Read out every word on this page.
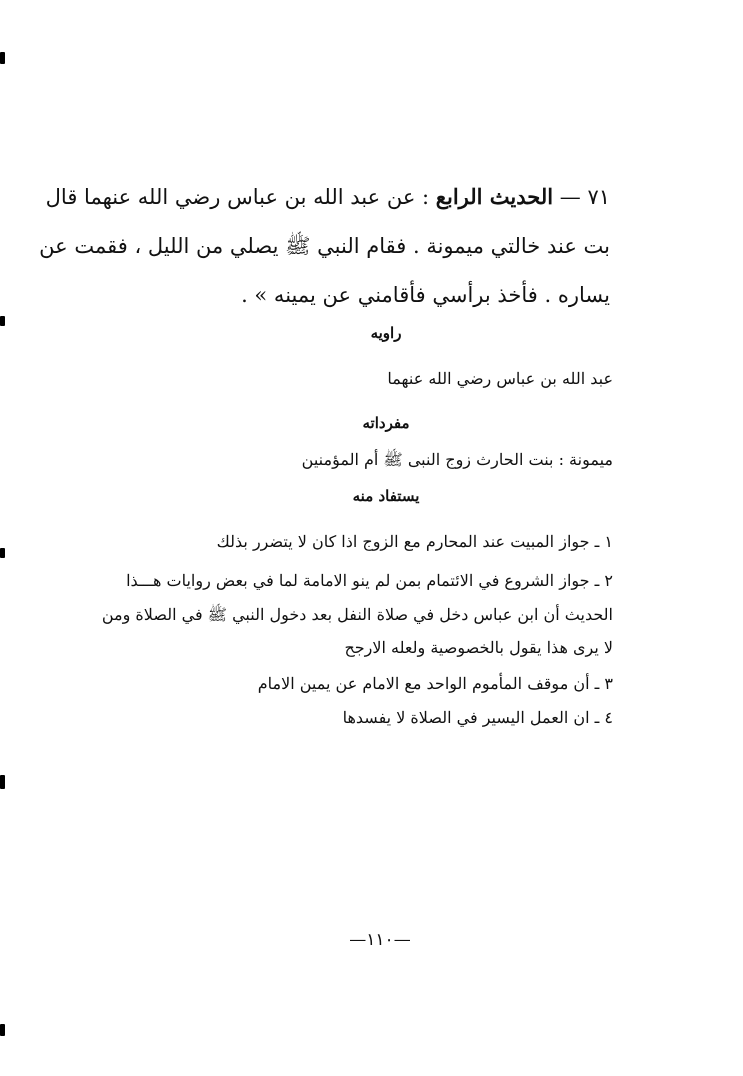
٧١ — الحديث الرابع : عن عبد الله بن عباس رضي الله عنهما قال
بت عند خالتي ميمونة . فقام النبي ﷺ يصلي من الليل ، فقمت عن
يساره . فأخذ برأسي فأقامني عن يمينه » .
راويه
عبد الله بن عباس رضي الله عنهما
مفرداته
ميمونة : بنت الحارث زوج النبى ﷺ أم المؤمنين
يستفاد منه
١ ـ جواز المبيت عند المحارم مع الزوج اذا كان لا يتضرر بذلك
٢ ـ جواز الشروع في الائتمام بمن لم ينو الامامة لما في بعض روايات هـــذا
الحديث أن ابن عباس دخل في صلاة النفل بعد دخول النبي ﷺ في الصلاة ومن
لا يرى هذا يقول بالخصوصية ولعله الارجح
٣ ـ أن موقف المأموم الواحد مع الامام عن يمين الامام
٤ ـ ان العمل اليسير في الصلاة لا يفسدها
—١١٠—
